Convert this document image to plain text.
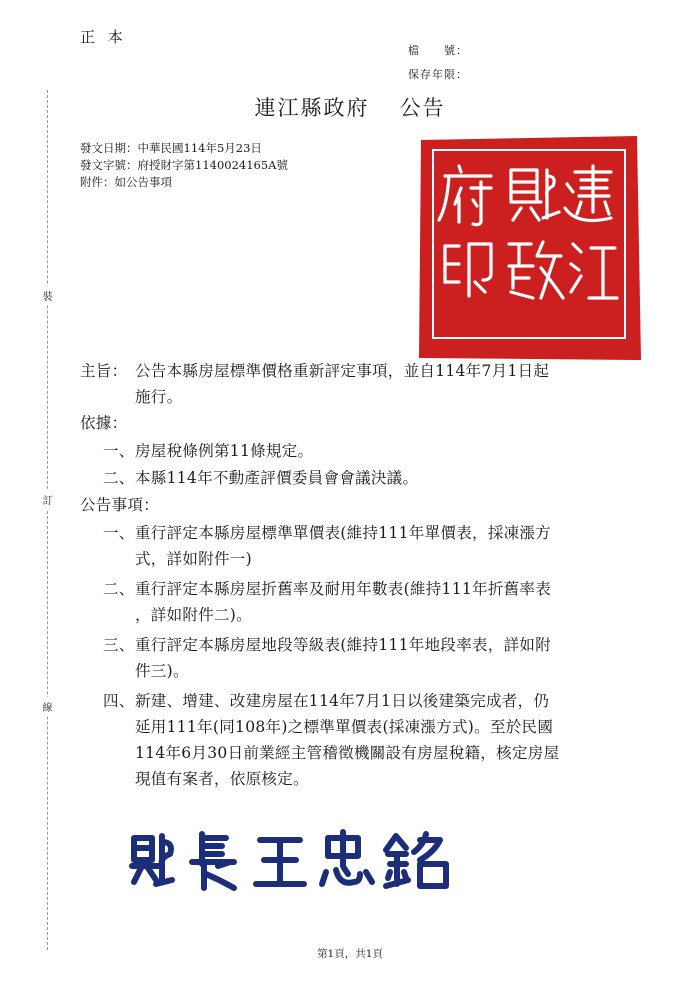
正 本
檔　　號：
保存年限：
連江縣政府 公告
發文日期：中華民國114年5月23日
發文字號：府授財字第1140024165A號
附件：如公告事項
裝
訂
線
主旨： 公告本縣房屋標準價格重新評定事項，並自114年7月1日起
施行。
依據：
一、 房屋稅條例第11條規定。
二、 本縣114年不動產評價委員會會議決議。
公告事項：
一、 重行評定本縣房屋標準單價表(維持111年單價表，採凍漲方
式，詳如附件一)
二、 重行評定本縣房屋折舊率及耐用年數表(維持111年折舊率表
，詳如附件二)。
三、 重行評定本縣房屋地段等級表(維持111年地段率表，詳如附
件三)。
四、 新建、增建、改建房屋在114年7月1日以後建築完成者，仍
延用111年(同108年)之標準單價表(採凍漲方式)。至於民國
114年6月30日前業經主管稽徵機關設有房屋稅籍，核定房屋
現值有案者，依原核定。
第1頁，共1頁
